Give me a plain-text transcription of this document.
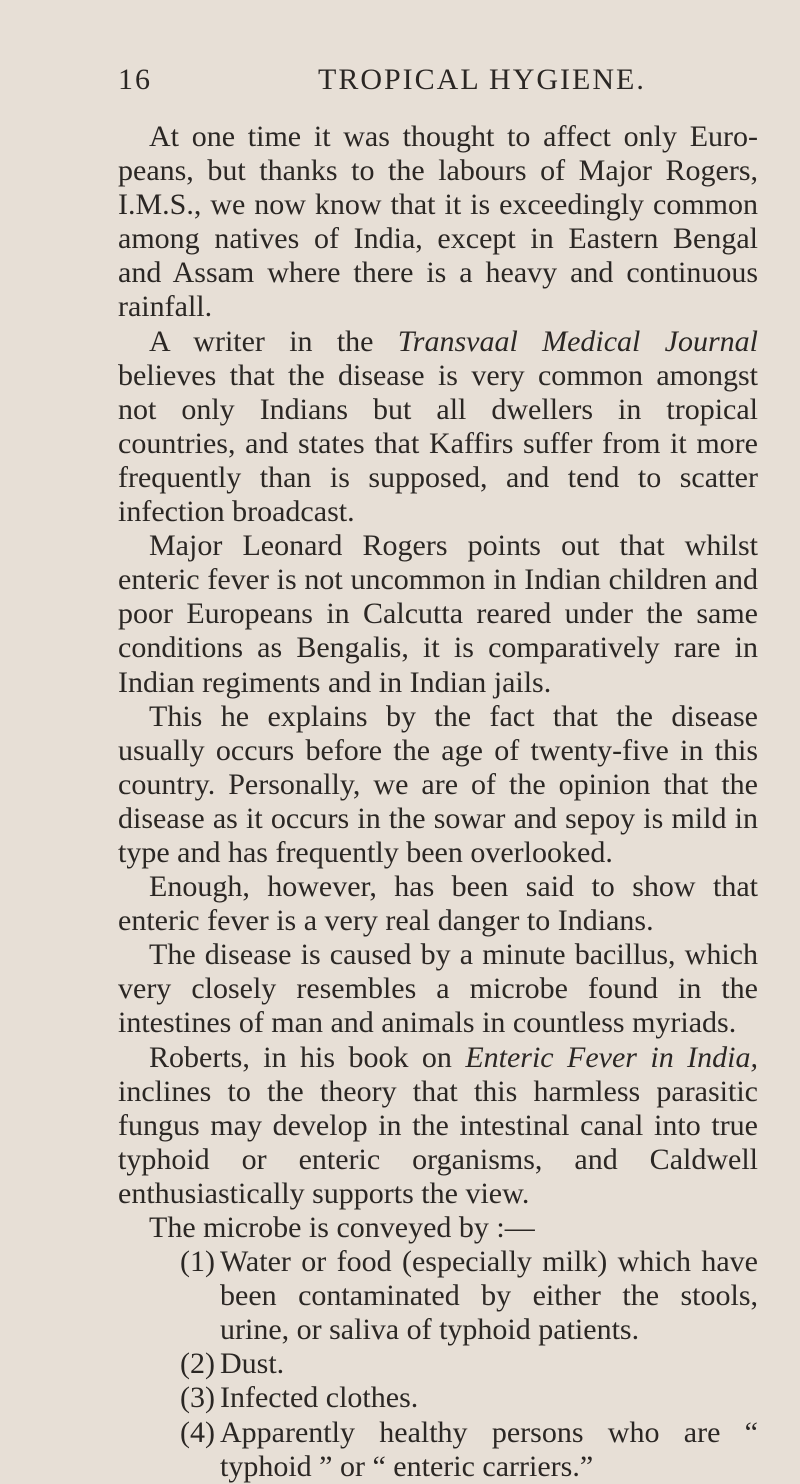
16	TROPICAL HYGIENE.

At one time it was thought to affect only Euro-peans, but thanks to the labours of Major Rogers, I.M.S., we now know that it is exceedingly common among natives of India, except in Eastern Bengal and Assam where there is a heavy and continuous rainfall.

A writer in the Transvaal Medical Journal believes that the disease is very common amongst not only Indians but all dwellers in tropical countries, and states that Kaffirs suffer from it more frequently than is supposed, and tend to scatter infection broadcast.

Major Leonard Rogers points out that whilst enteric fever is not uncommon in Indian children and poor Europeans in Calcutta reared under the same conditions as Bengalis, it is comparatively rare in Indian regiments and in Indian jails.

This he explains by the fact that the disease usually occurs before the age of twenty-five in this country. Personally, we are of the opinion that the disease as it occurs in the sowar and sepoy is mild in type and has frequently been overlooked.

Enough, however, has been said to show that enteric fever is a very real danger to Indians.

The disease is caused by a minute bacillus, which very closely resembles a microbe found in the intestines of man and animals in countless myriads.

Roberts, in his book on Enteric Fever in India, inclines to the theory that this harmless parasitic fungus may develop in the intestinal canal into true typhoid or enteric organisms, and Caldwell enthusiastically supports the view.

The microbe is conveyed by :—

(1) Water or food (especially milk) which have been contaminated by either the stools, urine, or saliva of typhoid patients.
(2) Dust.
(3) Infected clothes.
(4) Apparently healthy persons who are “ typhoid ” or “ enteric carriers.”
